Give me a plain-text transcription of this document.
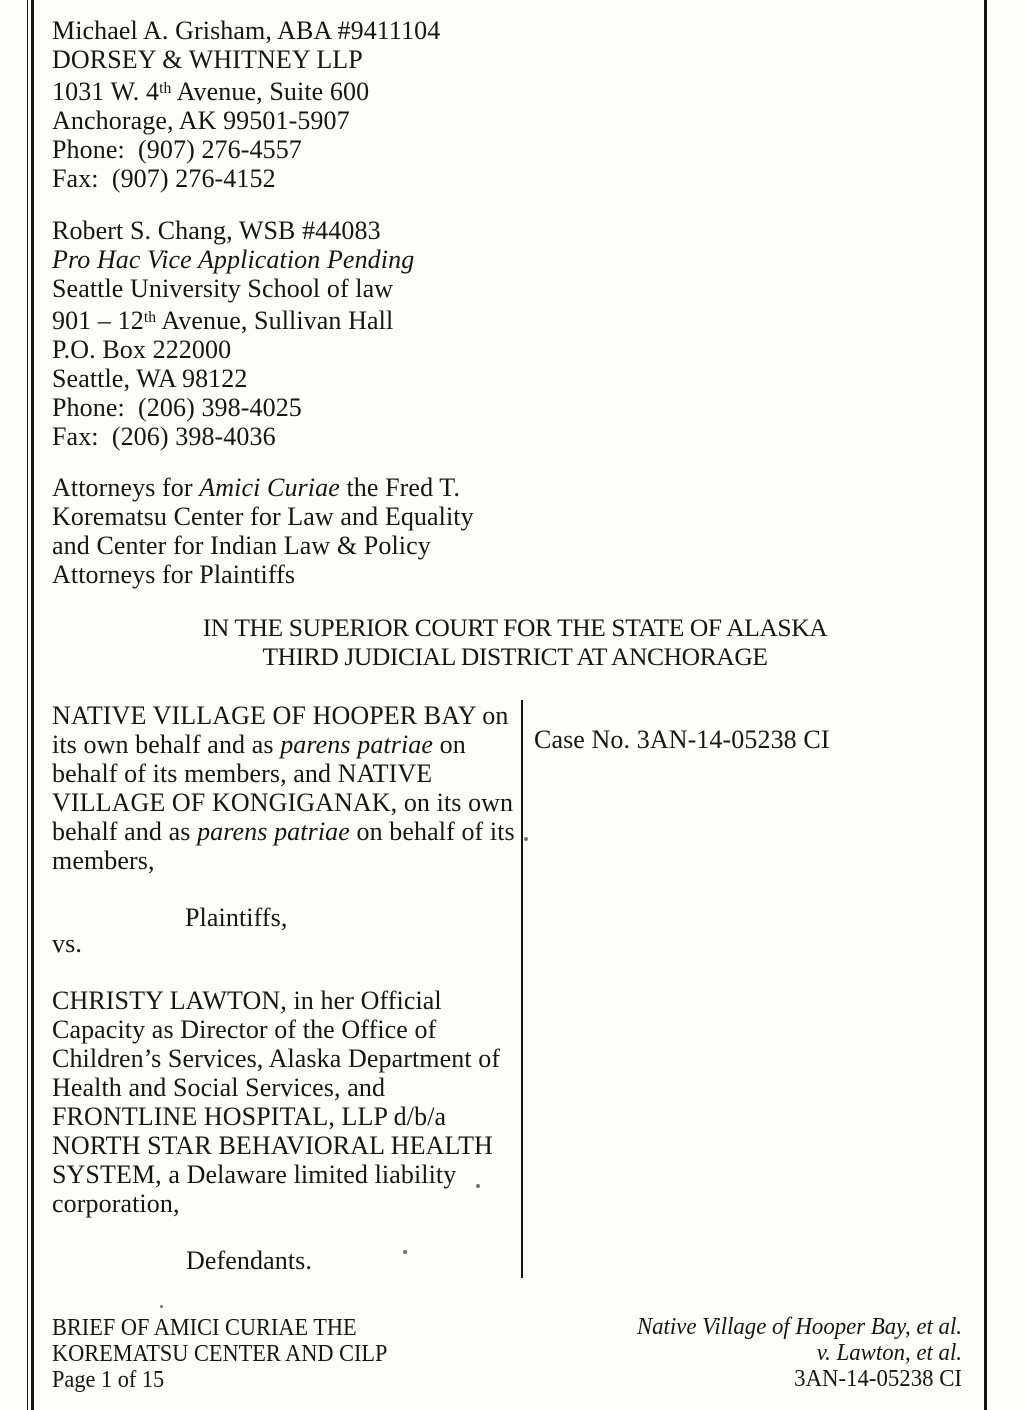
Michael A. Grisham, ABA #9411104
DORSEY & WHITNEY LLP
1031 W. 4th Avenue, Suite 600
Anchorage, AK 99501-5907
Phone:  (907) 276-4557
Fax:  (907) 276-4152
Robert S. Chang, WSB #44083
Pro Hac Vice Application Pending
Seattle University School of law
901 – 12th Avenue, Sullivan Hall
P.O. Box 222000
Seattle, WA 98122
Phone:  (206) 398-4025
Fax:  (206) 398-4036
Attorneys for Amici Curiae the Fred T.
Korematsu Center for Law and Equality
and Center for Indian Law & Policy
Attorneys for Plaintiffs
IN THE SUPERIOR COURT FOR THE STATE OF ALASKA
THIRD JUDICIAL DISTRICT AT ANCHORAGE
NATIVE VILLAGE OF HOOPER BAY on
its own behalf and as parens patriae on
behalf of its members, and NATIVE
VILLAGE OF KONGIGANAK, on its own
behalf and as parens patriae on behalf of its
members,
Plaintiffs,
vs.
CHRISTY LAWTON, in her Official
Capacity as Director of the Office of
Children’s Services, Alaska Department of
Health and Social Services, and
FRONTLINE HOSPITAL, LLP d/b/a
NORTH STAR BEHAVIORAL HEALTH
SYSTEM, a Delaware limited liability
corporation,
Defendants.
Case No. 3AN-14-05238 CI
BRIEF OF AMICI CURIAE THE
KOREMATSU CENTER AND CILP
Page 1 of 15
Native Village of Hooper Bay, et al.
v. Lawton, et al.
3AN-14-05238 CI
